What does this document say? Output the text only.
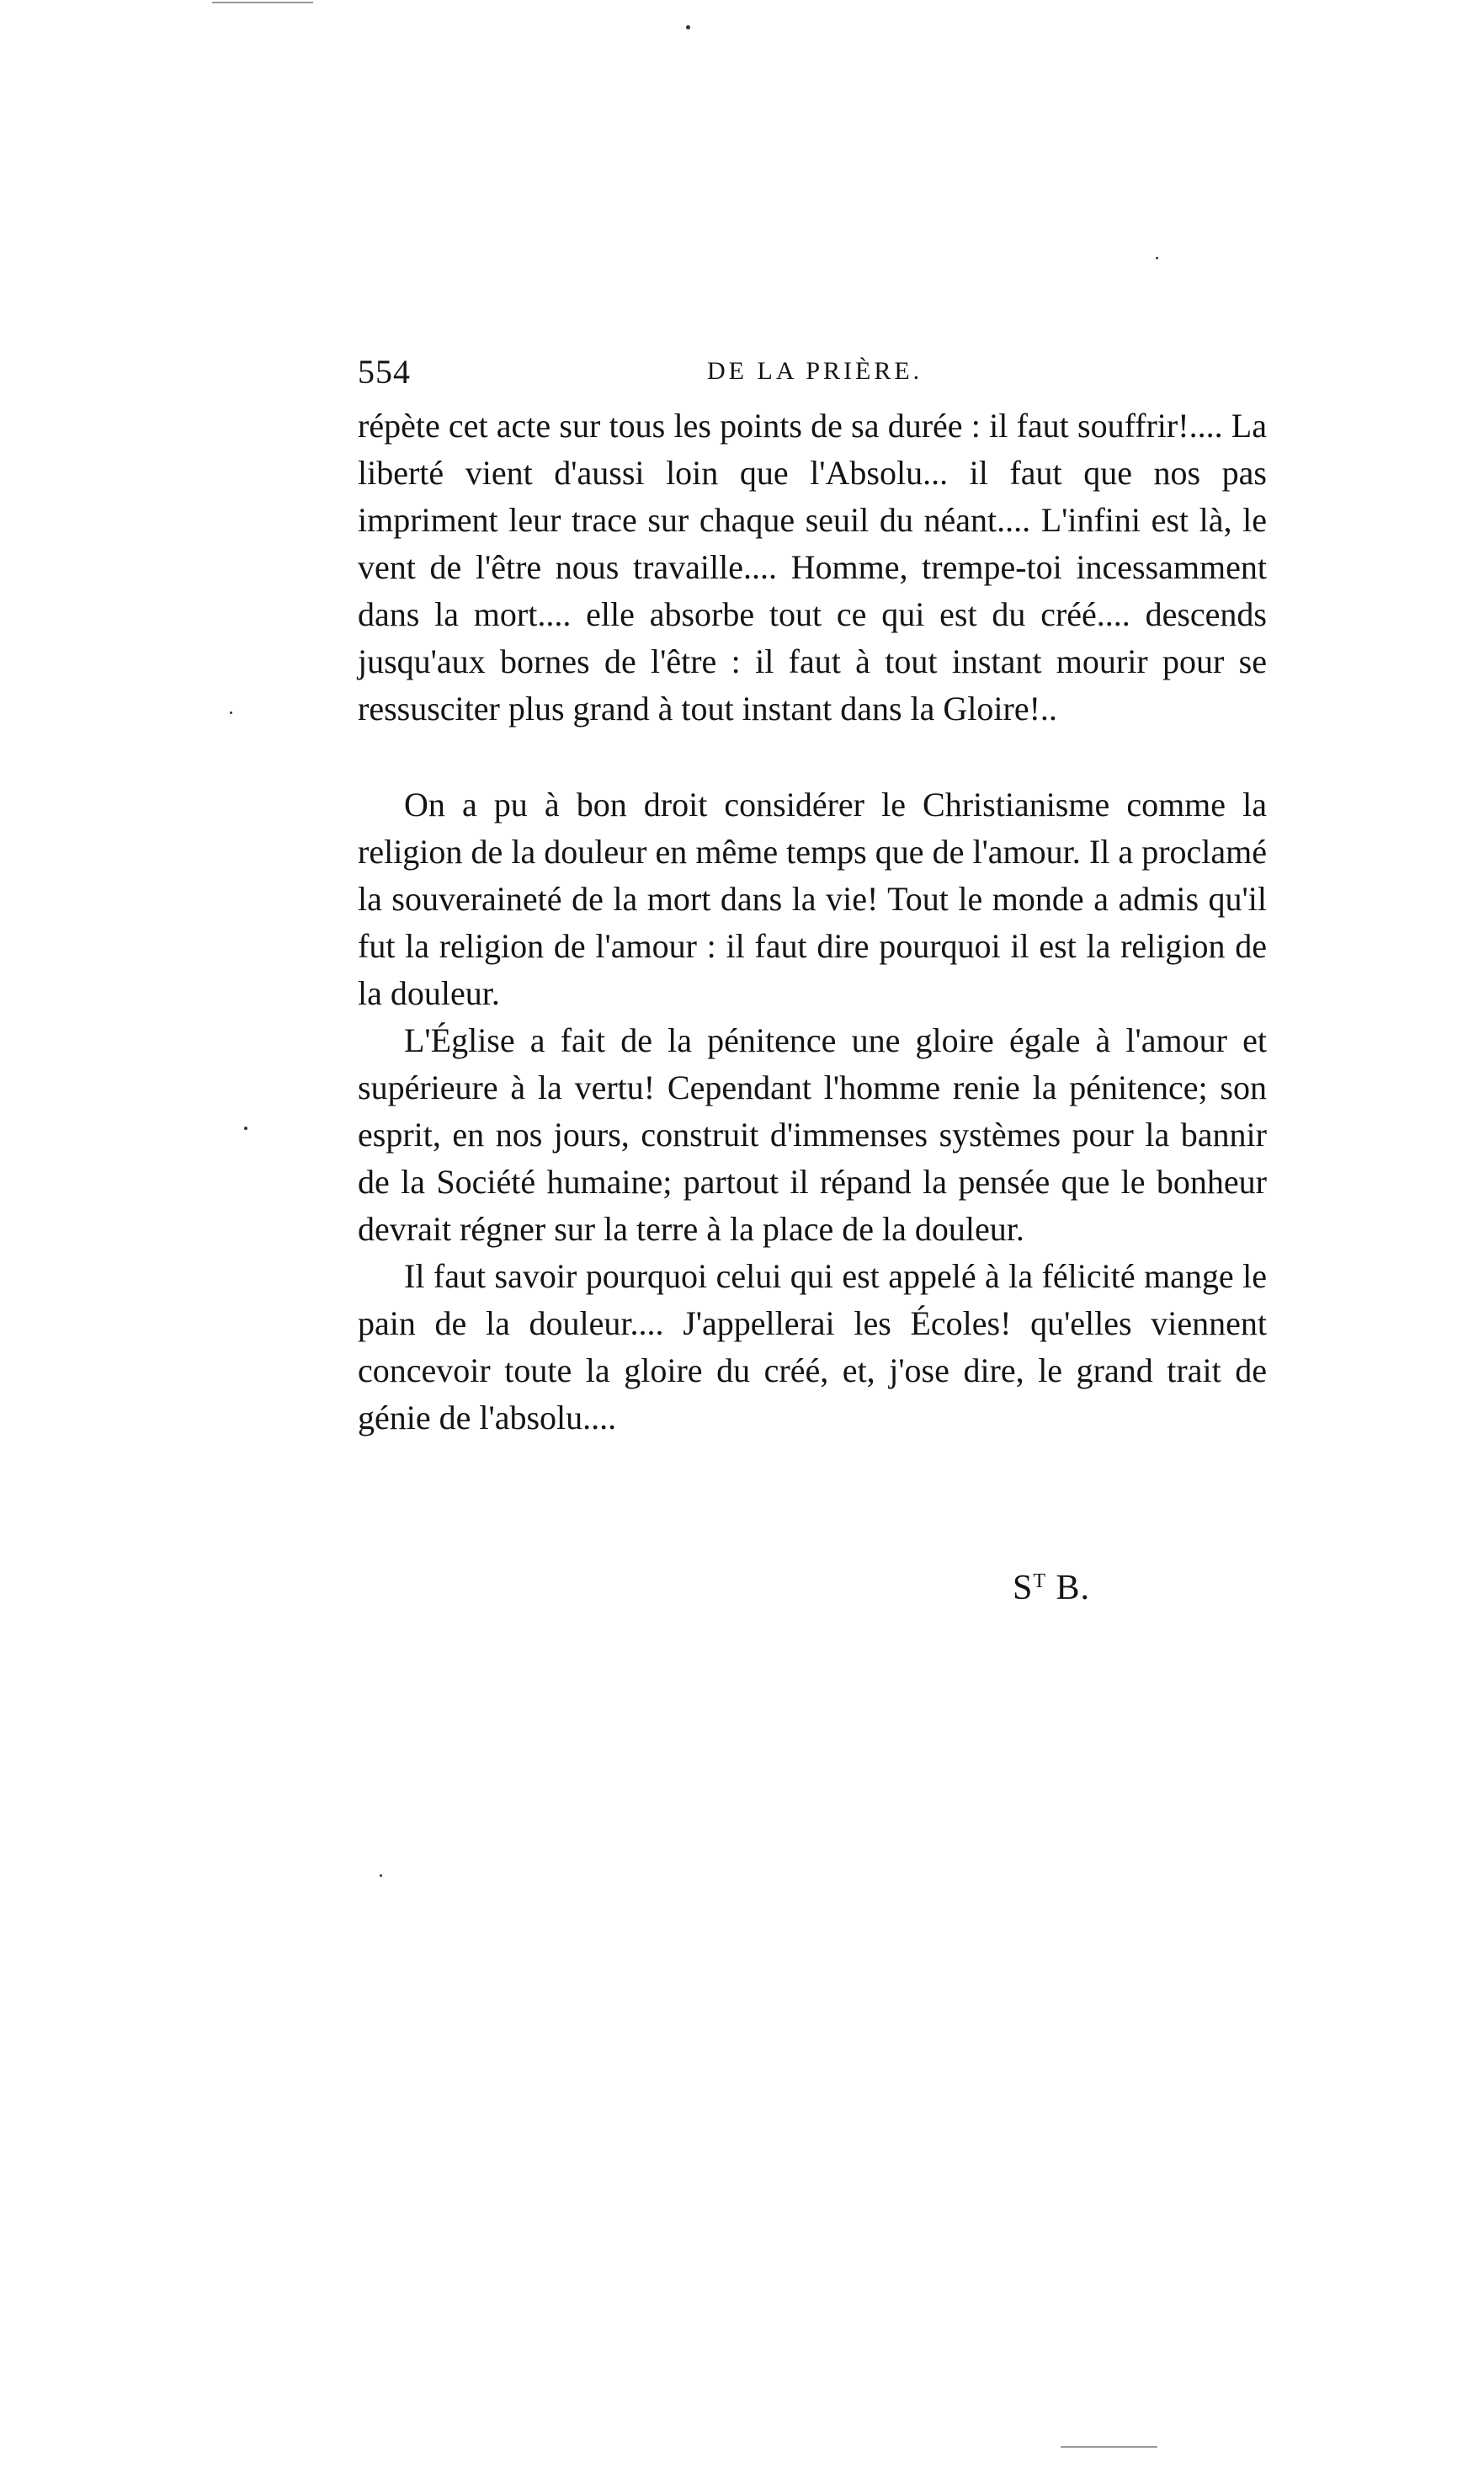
554	DE LA PRIÈRE.

répète cet acte sur tous les points de sa durée : il faut souffrir!.... La liberté vient d'aussi loin que l'Absolu... il faut que nos pas impriment leur trace sur chaque seuil du néant.... L'infini est là, le vent de l'être nous travaille.... Homme, trempe-toi incessamment dans la mort.... elle absorbe tout ce qui est du créé.... descends jusqu'aux bornes de l'être : il faut à tout instant mourir pour se ressusciter plus grand à tout instant dans la Gloire!..

On a pu à bon droit considérer le Christianisme comme la religion de la douleur en même temps que de l'amour. Il a proclamé la souveraineté de la mort dans la vie! Tout le monde a admis qu'il fut la religion de l'amour : il faut dire pourquoi il est la religion de la douleur.

L'Église a fait de la pénitence une gloire égale à l'amour et supérieure à la vertu! Cependant l'homme renie la pénitence; son esprit, en nos jours, construit d'immenses systèmes pour la bannir de la Société humaine; partout il répand la pensée que le bonheur devrait régner sur la terre à la place de la douleur.

Il faut savoir pourquoi celui qui est appelé à la félicité mange le pain de la douleur.... J'appellerai les Écoles! qu'elles viennent concevoir toute la gloire du créé, et, j'ose dire, le grand trait de génie de l'absolu....

$S^T$ B.
